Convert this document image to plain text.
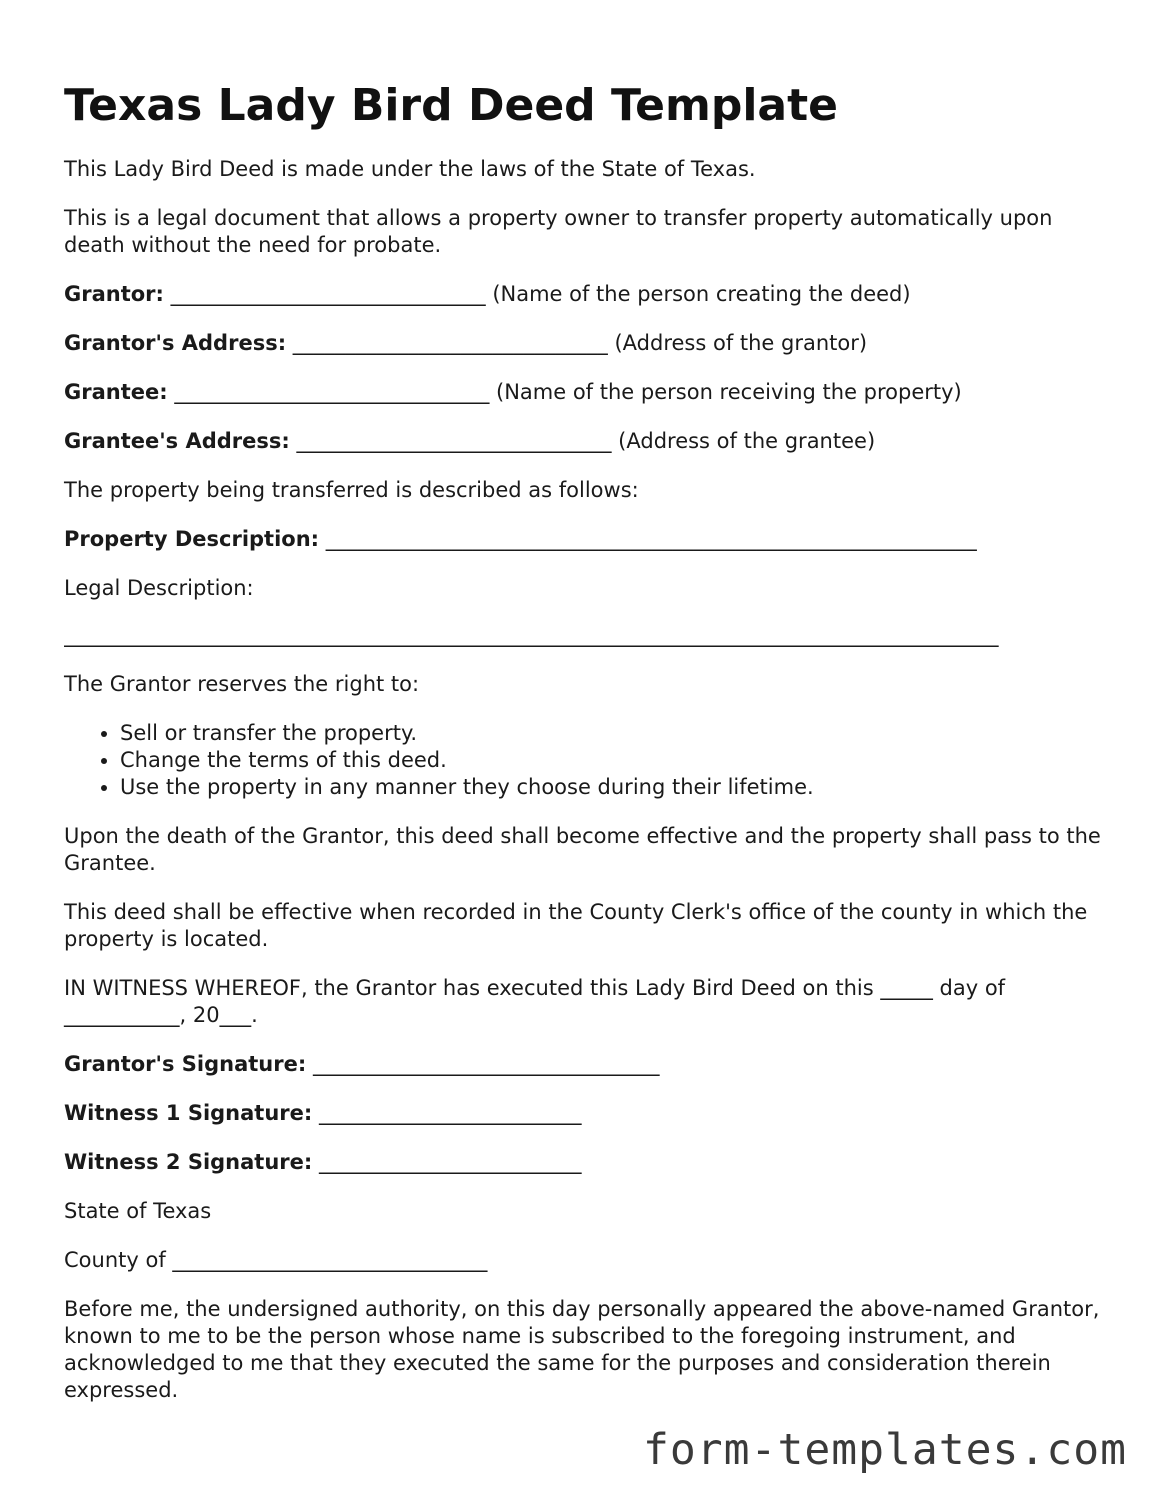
Texas Lady Bird Deed Template

This Lady Bird Deed is made under the laws of the State of Texas.

This is a legal document that allows a property owner to transfer property automatically upon death without the need for probate.

Grantor: ______________________________ (Name of the person creating the deed)

Grantor's Address: ______________________________ (Address of the grantor)

Grantee: ______________________________ (Name of the person receiving the property)

Grantee's Address: ______________________________ (Address of the grantee)

The property being transferred is described as follows:

Property Description: ______________________________________________________________

Legal Description:

_________________________________________________________________________________________

The Grantor reserves the right to:

• Sell or transfer the property.
• Change the terms of this deed.
• Use the property in any manner they choose during their lifetime.

Upon the death of the Grantor, this deed shall become effective and the property shall pass to the Grantee.

This deed shall be effective when recorded in the County Clerk's office of the county in which the property is located.

IN WITNESS WHEREOF, the Grantor has executed this Lady Bird Deed on this _____ day of ___________, 20___.

Grantor's Signature: _________________________________

Witness 1 Signature: _________________________

Witness 2 Signature: _________________________

State of Texas

County of ______________________________

Before me, the undersigned authority, on this day personally appeared the above-named Grantor, known to me to be the person whose name is subscribed to the foregoing instrument, and acknowledged to me that they executed the same for the purposes and consideration therein expressed.

form-templates.com
